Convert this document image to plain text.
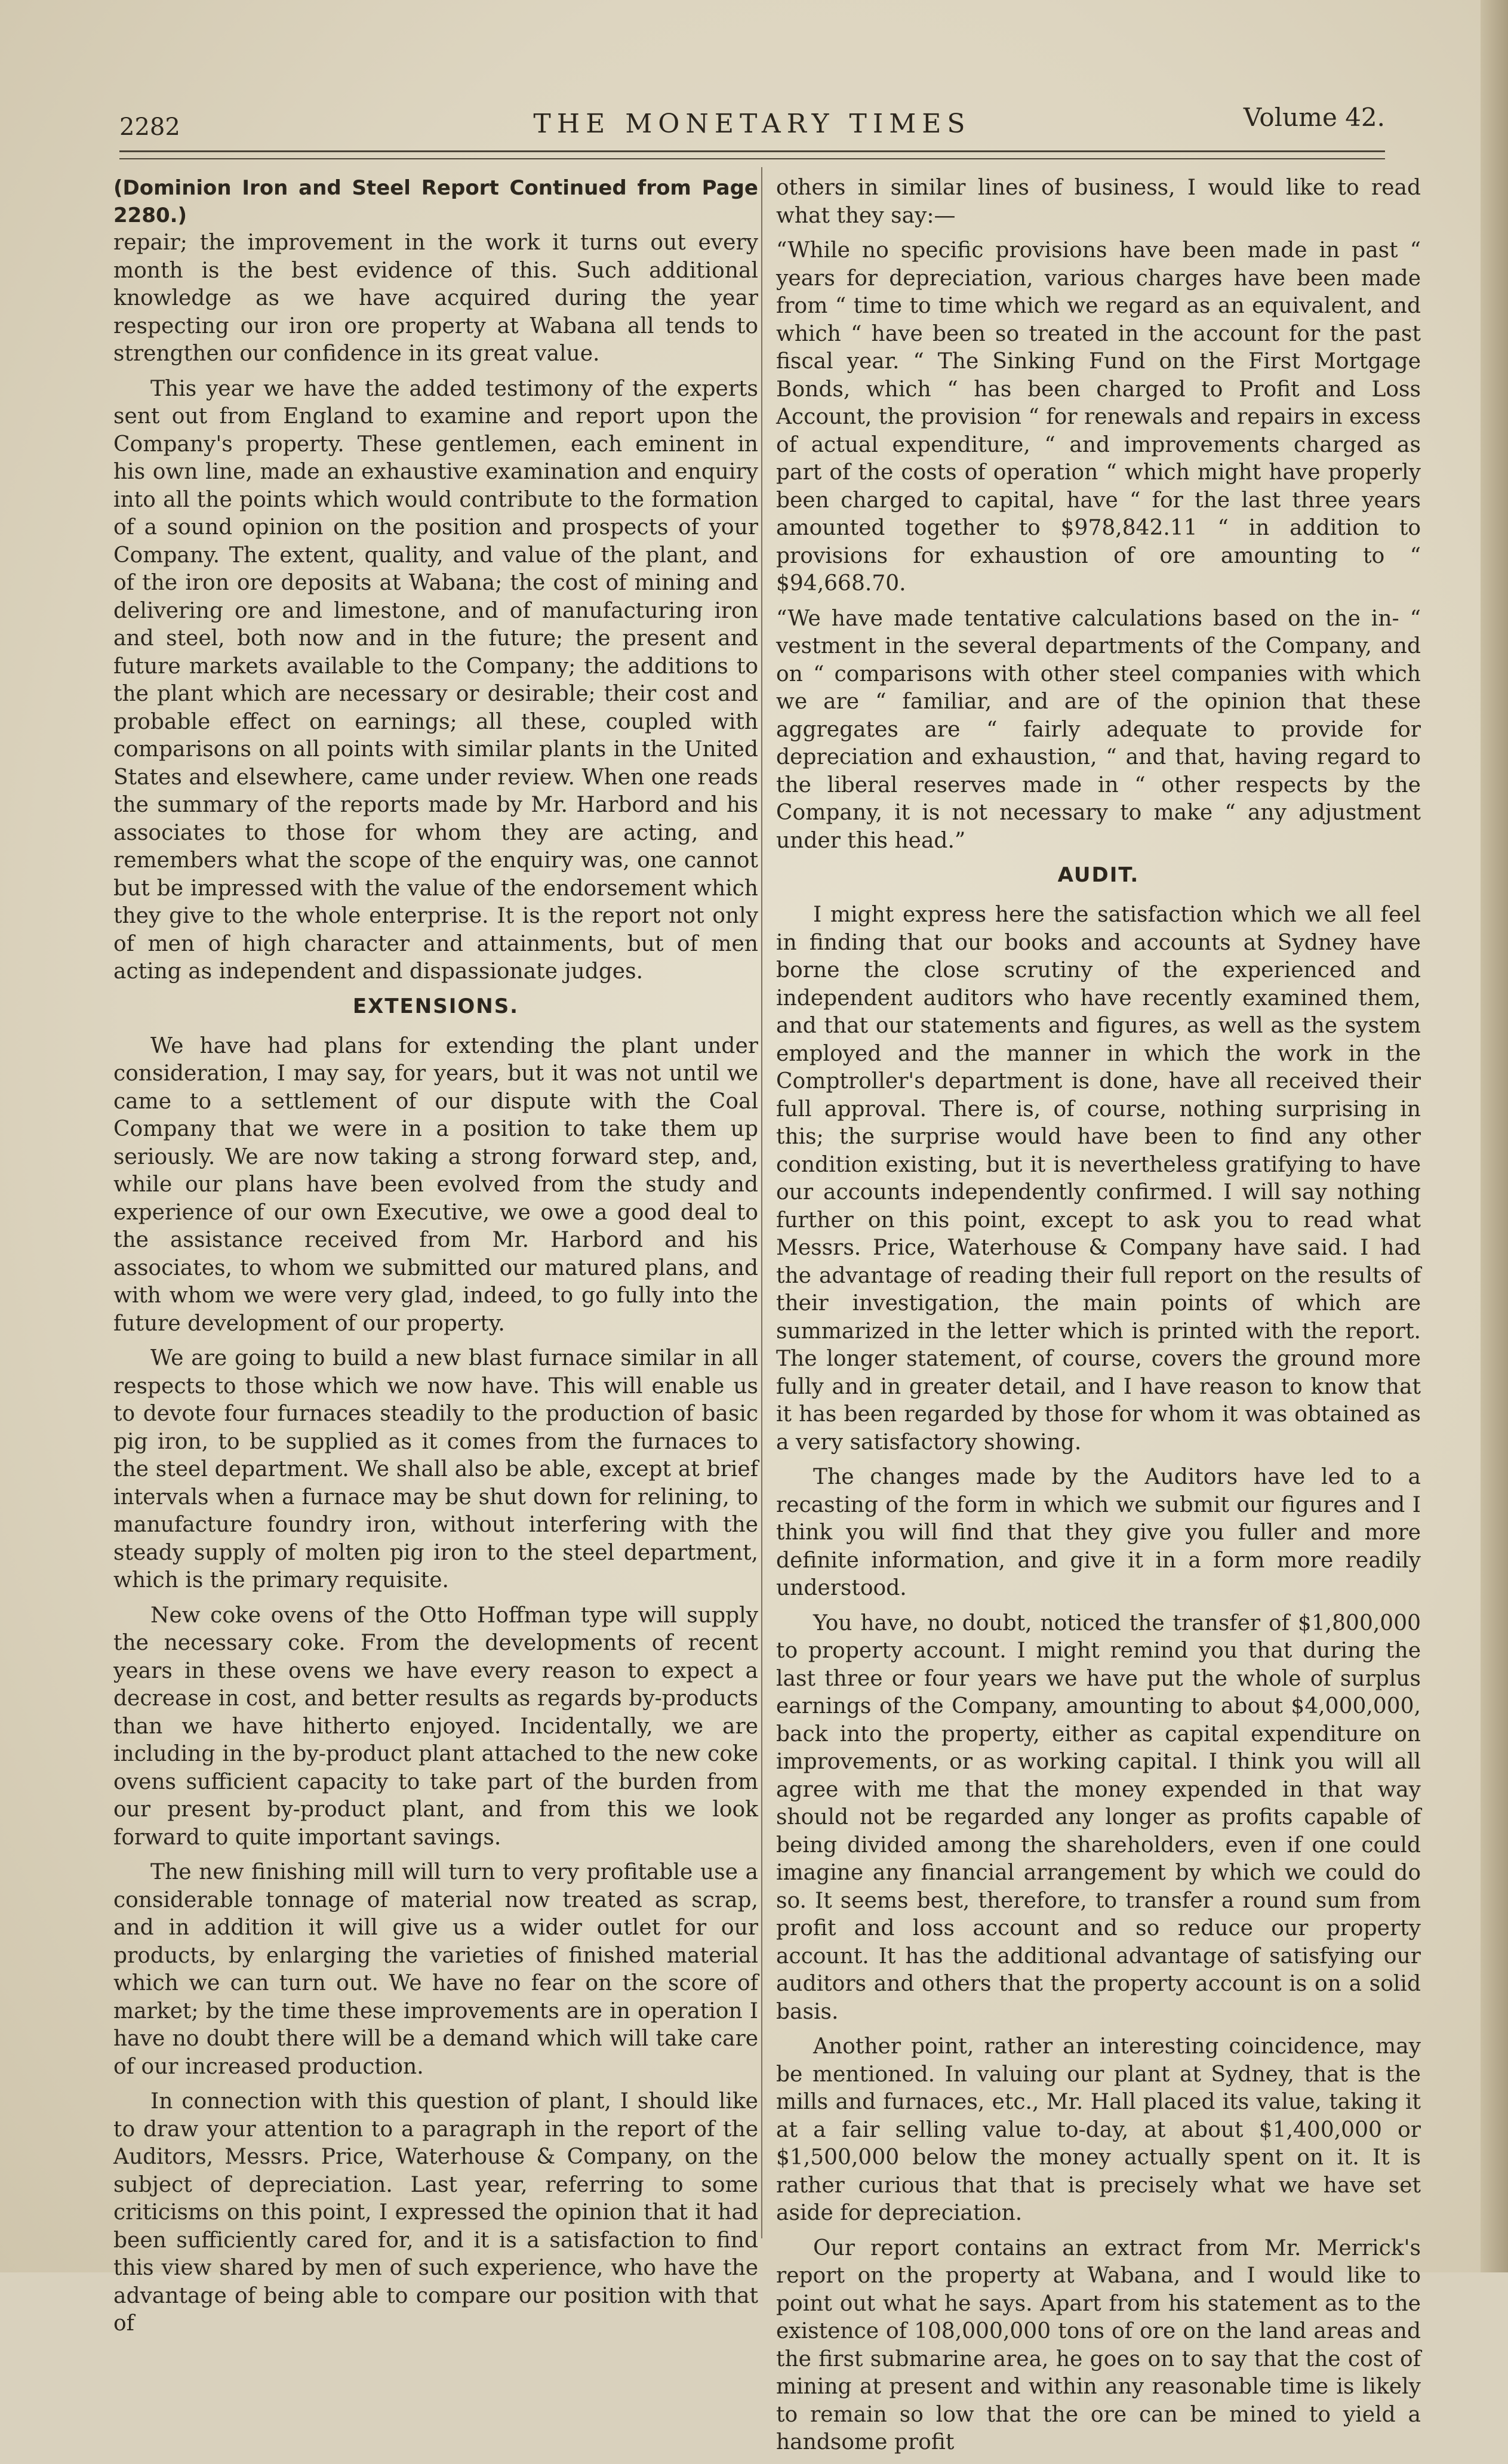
2282	THE MONETARY TIMES	Volume 42.
(Dominion Iron and Steel Report Continued from Page 2280.)

repair; the improvement in the work it turns out every month is the best evidence of this. Such additional knowledge as we have acquired during the year respecting our iron ore property at Wabana all tends to strengthen our confidence in its great value.

This year we have the added testimony of the experts sent out from England to examine and report upon the Company's property. These gentlemen, each eminent in his own line, made an exhaustive examination and enquiry into all the points which would contribute to the formation of a sound opinion on the position and prospects of your Company. The extent, quality, and value of the plant, and of the iron ore deposits at Wabana; the cost of mining and delivering ore and limestone, and of manufacturing iron and steel, both now and in the future; the present and future markets available to the Company; the additions to the plant which are necessary or desirable; their cost and probable effect on earnings; all these, coupled with comparisons on all points with similar plants in the United States and elsewhere, came under review. When one reads the summary of the reports made by Mr. Harbord and his associates to those for whom they are acting, and remembers what the scope of the enquiry was, one cannot but be impressed with the value of the endorsement which they give to the whole enterprise. It is the report not only of men of high character and attainments, but of men acting as independent and dispassionate judges.

EXTENSIONS.

We have had plans for extending the plant under consideration, I may say, for years, but it was not until we came to a settlement of our dispute with the Coal Company that we were in a position to take them up seriously. We are now taking a strong forward step, and, while our plans have been evolved from the study and experience of our own Executive, we owe a good deal to the assistance received from Mr. Harbord and his associates, to whom we submitted our matured plans, and with whom we were very glad, indeed, to go fully into the future development of our property.

We are going to build a new blast furnace similar in all respects to those which we now have. This will enable us to devote four furnaces steadily to the production of basic pig iron, to be supplied as it comes from the furnaces to the steel department. We shall also be able, except at brief intervals when a furnace may be shut down for relining, to manufacture foundry iron, without interfering with the steady supply of molten pig iron to the steel department, which is the primary requisite.

New coke ovens of the Otto Hoffman type will supply the necessary coke. From the developments of recent years in these ovens we have every reason to expect a decrease in cost, and better results as regards by-products than we have hitherto enjoyed. Incidentally, we are including in the by-product plant attached to the new coke ovens sufficient capacity to take part of the burden from our present by-product plant, and from this we look forward to quite important savings.

The new finishing mill will turn to very profitable use a considerable tonnage of material now treated as scrap, and in addition it will give us a wider outlet for our products, by enlarging the varieties of finished material which we can turn out. We have no fear on the score of market; by the time these improvements are in operation I have no doubt there will be a demand which will take care of our increased production.

In connection with this question of plant, I should like to draw your attention to a paragraph in the report of the Auditors, Messrs. Price, Waterhouse & Company, on the subject of depreciation. Last year, referring to some criticisms on this point, I expressed the opinion that it had been sufficiently cared for, and it is a satisfaction to find this view shared by men of such experience, who have the advantage of being able to compare our position with that of

others in similar lines of business, I would like to read what they say:—

“While no specific provisions have been made in past “ years for depreciation, various charges have been made from “ time to time which we regard as an equivalent, and which “ have been so treated in the account for the past fiscal year. “ The Sinking Fund on the First Mortgage Bonds, which “ has been charged to Profit and Loss Account, the provision “ for renewals and repairs in excess of actual expenditure, “ and improvements charged as part of the costs of operation “ which might have properly been charged to capital, have “ for the last three years amounted together to $978,842.11 “ in addition to provisions for exhaustion of ore amounting to “ $94,668.70.

“We have made tentative calculations based on the in- “ vestment in the several departments of the Company, and on “ comparisons with other steel companies with which we are “ familiar, and are of the opinion that these aggregates are “ fairly adequate to provide for depreciation and exhaustion, “ and that, having regard to the liberal reserves made in “ other respects by the Company, it is not necessary to make “ any adjustment under this head.”

AUDIT.

I might express here the satisfaction which we all feel in finding that our books and accounts at Sydney have borne the close scrutiny of the experienced and independent auditors who have recently examined them, and that our statements and figures, as well as the system employed and the manner in which the work in the Comptroller's department is done, have all received their full approval. There is, of course, nothing surprising in this; the surprise would have been to find any other condition existing, but it is nevertheless gratifying to have our accounts independently confirmed. I will say nothing further on this point, except to ask you to read what Messrs. Price, Waterhouse & Company have said. I had the advantage of reading their full report on the results of their investigation, the main points of which are summarized in the letter which is printed with the report. The longer statement, of course, covers the ground more fully and in greater detail, and I have reason to know that it has been regarded by those for whom it was obtained as a very satisfactory showing.

The changes made by the Auditors have led to a recasting of the form in which we submit our figures and I think you will find that they give you fuller and more definite information, and give it in a form more readily understood.

You have, no doubt, noticed the transfer of $1,800,000 to property account. I might remind you that during the last three or four years we have put the whole of surplus earnings of the Company, amounting to about $4,000,000, back into the property, either as capital expenditure on improvements, or as working capital. I think you will all agree with me that the money expended in that way should not be regarded any longer as profits capable of being divided among the shareholders, even if one could imagine any financial arrangement by which we could do so. It seems best, therefore, to transfer a round sum from profit and loss account and so reduce our property account. It has the additional advantage of satisfying our auditors and others that the property account is on a solid basis.

Another point, rather an interesting coincidence, may be mentioned. In valuing our plant at Sydney, that is the mills and furnaces, etc., Mr. Hall placed its value, taking it at a fair selling value to-day, at about $1,400,000 or $1,500,000 below the money actually spent on it. It is rather curious that that is precisely what we have set aside for depreciation.

Our report contains an extract from Mr. Merrick's report on the property at Wabana, and I would like to point out what he says. Apart from his statement as to the existence of 108,000,000 tons of ore on the land areas and the first submarine area, he goes on to say that the cost of mining at present and within any reasonable time is likely to remain so low that the ore can be mined to yield a handsome profit
